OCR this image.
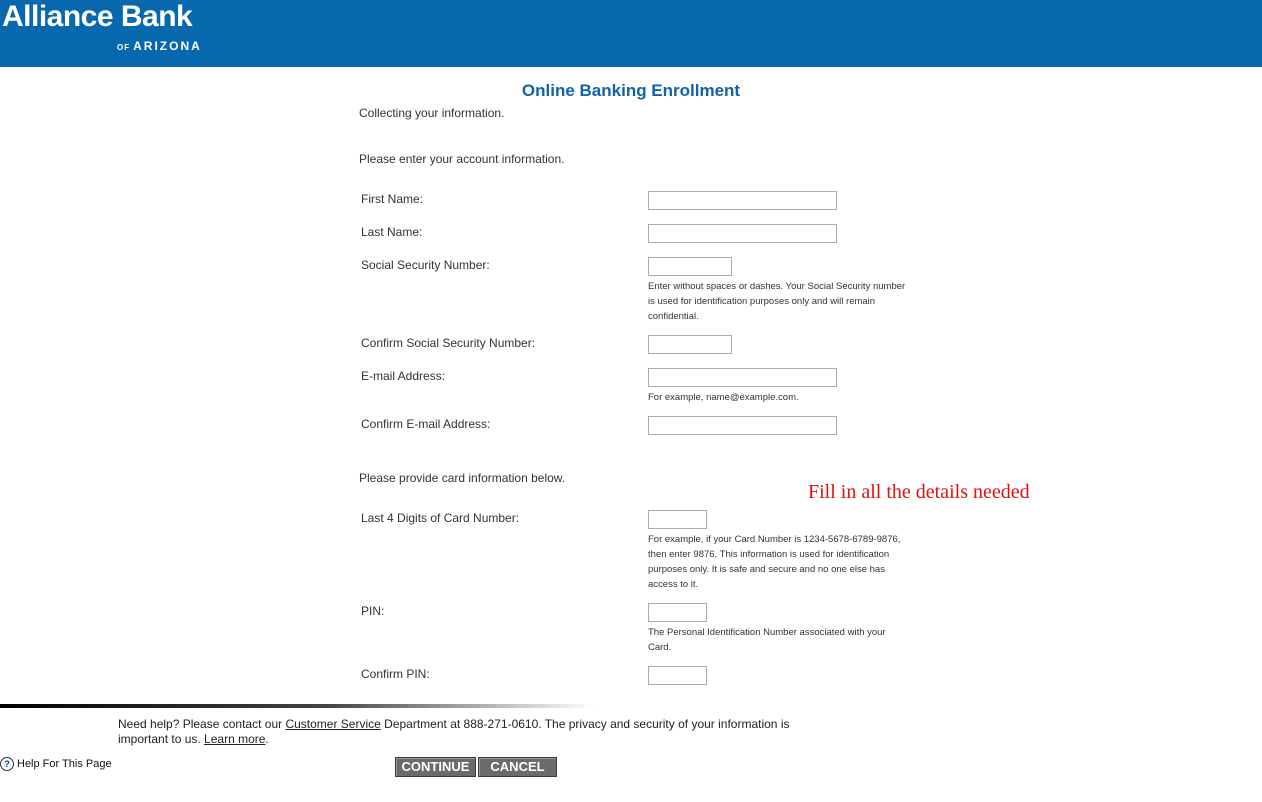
Alliance Bank
OF ARIZONA
Online Banking Enrollment
Collecting your information.
Please enter your account information.
First Name:
Last Name:
Social Security Number:
Enter without spaces or dashes. Your Social Security number is used for identification purposes only and will remain confidential.
Confirm Social Security Number:
E-mail Address:
For example, name@example.com.
Confirm E-mail Address:
Please provide card information below.
Fill in all the details needed
Last 4 Digits of Card Number:
For example, if your Card Number is 1234-5678-6789-9876, then enter 9876. This information is used for identification purposes only. It is safe and secure and no one else has access to it.
PIN:
The Personal Identification Number associated with your Card.
Confirm PIN:
Need help? Please contact our Customer Service Department at 888-271-0610. The privacy and security of your information is important to us. Learn more.
? Help For This Page	CONTINUE	CANCEL
